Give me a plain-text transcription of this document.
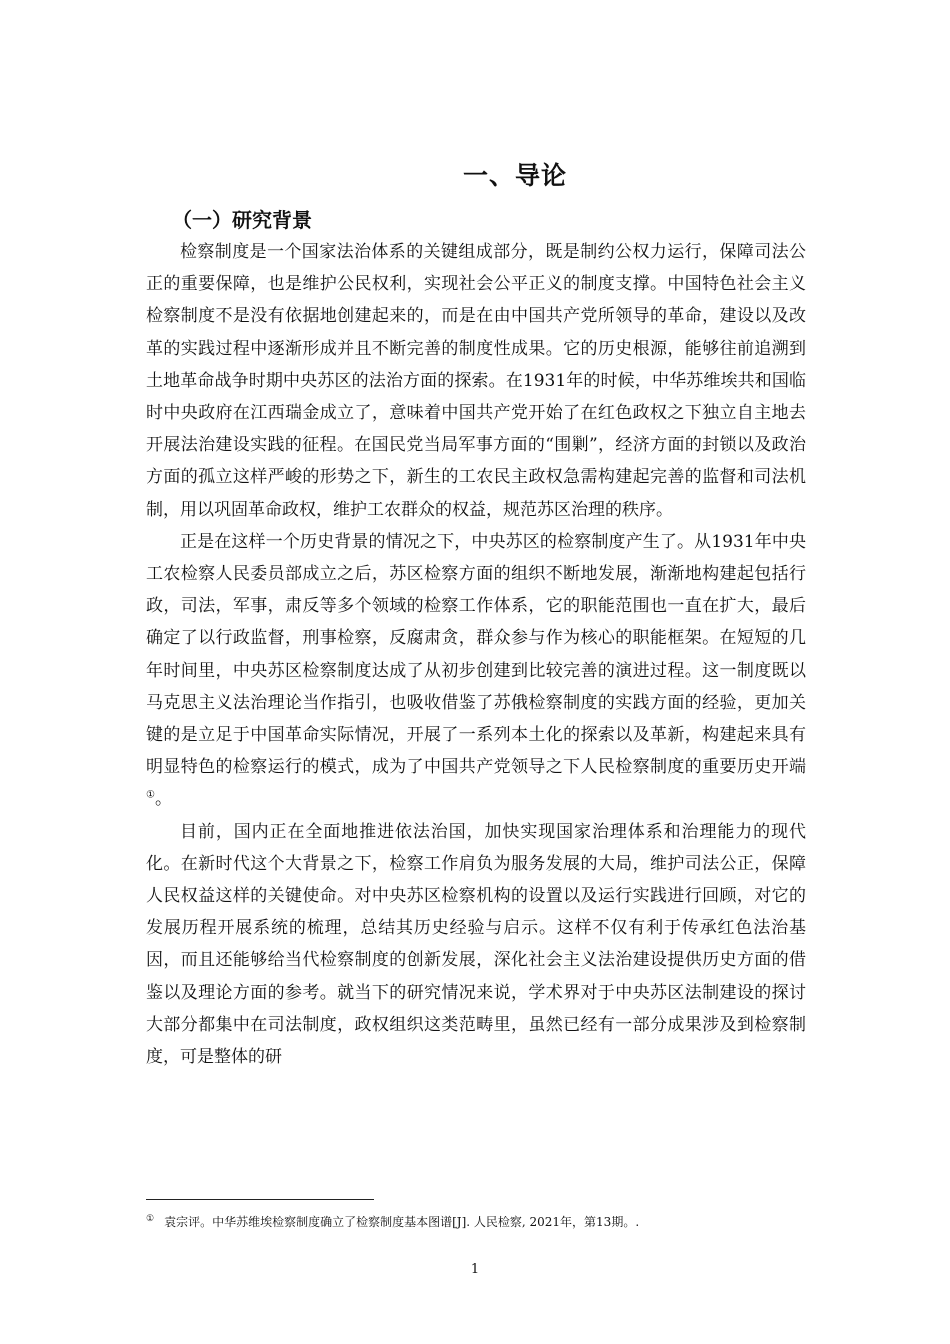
一、导论
（一）研究背景

检察制度是一个国家法治体系的关键组成部分，既是制约公权力运行，保障司法公正的重要保障，也是维护公民权利，实现社会公平正义的制度支撑。中国特色社会主义检察制度不是没有依据地创建起来的，而是在由中国共产党所领导的革命，建设以及改革的实践过程中逐渐形成并且不断完善的制度性成果。它的历史根源，能够往前追溯到土地革命战争时期中央苏区的法治方面的探索。在1931年的时候，中华苏维埃共和国临时中央政府在江西瑞金成立了，意味着中国共产党开始了在红色政权之下独立自主地去开展法治建设实践的征程。在国民党当局军事方面的“围剿”，经济方面的封锁以及政治方面的孤立这样严峻的形势之下，新生的工农民主政权急需构建起完善的监督和司法机制，用以巩固革命政权，维护工农群众的权益，规范苏区治理的秩序。

正是在这样一个历史背景的情况之下，中央苏区的检察制度产生了。从1931年中央工农检察人民委员部成立之后，苏区检察方面的组织不断地发展，渐渐地构建起包括行政，司法，军事，肃反等多个领域的检察工作体系，它的职能范围也一直在扩大，最后确定了以行政监督，刑事检察，反腐肃贪，群众参与作为核心的职能框架。在短短的几年时间里，中央苏区检察制度达成了从初步创建到比较完善的演进过程。这一制度既以马克思主义法治理论当作指引，也吸收借鉴了苏俄检察制度的实践方面的经验，更加关键的是立足于中国革命实际情况，开展了一系列本土化的探索以及革新，构建起来具有明显特色的检察运行的模式，成为了中国共产党领导之下人民检察制度的重要历史开端①。

目前，国内正在全面地推进依法治国，加快实现国家治理体系和治理能力的现代化。在新时代这个大背景之下，检察工作肩负为服务发展的大局，维护司法公正，保障人民权益这样的关键使命。对中央苏区检察机构的设置以及运行实践进行回顾，对它的发展历程开展系统的梳理，总结其历史经验与启示。这样不仅有利于传承红色法治基因，而且还能够给当代检察制度的创新发展，深化社会主义法治建设提供历史方面的借鉴以及理论方面的参考。就当下的研究情况来说，学术界对于中央苏区法制建设的探讨大部分都集中在司法制度，政权组织这类范畴里，虽然已经有一部分成果涉及到检察制度，可是整体的研

① 袁宗评。中华苏维埃检察制度确立了检察制度基本图谱[J]. 人民检察, 2021年，第13期。.
1
